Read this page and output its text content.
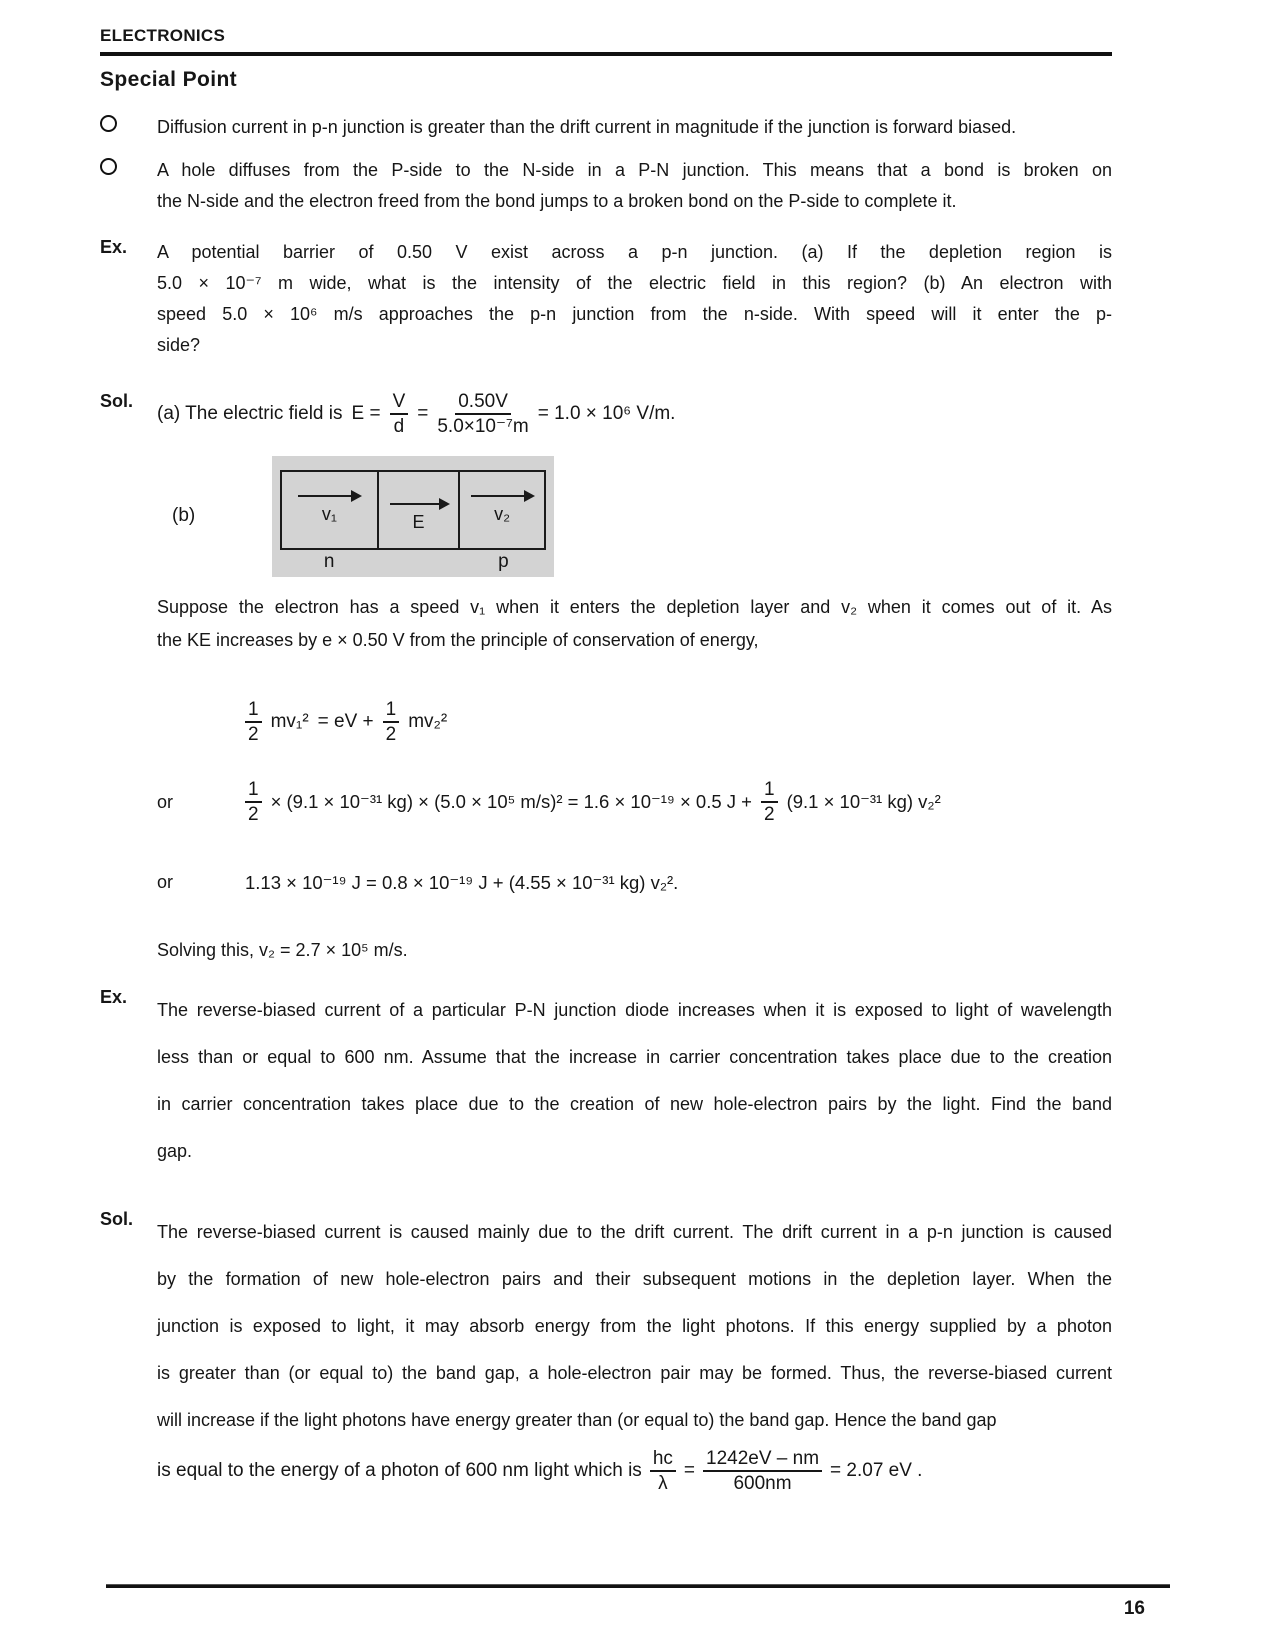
ELECTRONICS
Special Point
Diffusion current in p-n junction is greater than the drift current in magnitude if the junction is forward biased.
A hole diffuses from the P-side to the N-side in a P-N junction. This means that a bond is broken on
the N-side and the electron freed from the bond jumps to a broken bond on the P-side to complete it.
Ex.	A potential barrier of 0.50 V exist across a p-n junction. (a) If the depletion region is
5.0 × 10⁻⁷ m wide, what is the intensity of the electric field in this region? (b) An electron with
speed 5.0 × 10⁶ m/s approaches the p-n junction from the n-side. With speed will it enter the p-
side?
Sol.
(a) The electric field is $E = \frac{V}{d} = \frac{0.50V}{\text{5.0×10⁻⁷m}} = 1.0 \times 10^6$ V/m.
(b)	v₁	E	v₂
n	p
Suppose the electron has a speed v₁ when it enters the depletion layer and v₂ when it comes out of it. As
the KE increases by e × 0.50 V from the principle of conservation of energy,
$\frac{1}{2} mv_1^2$ = eV + $\frac{1}{2} mv_2^2$
or	$\frac{1}{2} \times (9.1 \times 10^{-31}$ kg) × (5.0 × 10⁵ m/s)² = 1.6 × 10⁻¹⁹ × 0.5 $J + \frac{1}{2} (9.1 \times 10^{-31}$ kg) v₂²
or	1.13 × 10⁻¹⁹ J = 0.8 × 10⁻¹⁹ J + (4.55 × 10⁻³¹ kg) v₂².
Solving this, v₂ = 2.7 × 10⁵ m/s.
Ex.
The reverse-biased current of a particular P-N junction diode increases when it is exposed to light of wavelength
less than or equal to 600 nm. Assume that the increase in carrier concentration takes place due to the creation
in carrier concentration takes place due to the creation of new hole-electron pairs by the light. Find the band
gap.
Sol.
The reverse-biased current is caused mainly due to the drift current. The drift current in a p-n junction is caused
by the formation of new hole-electron pairs and their subsequent motions in the depletion layer. When the
junction is exposed to light, it may absorb energy from the light photons. If this energy supplied by a photon
is greater than (or equal to) the band gap, a hole-electron pair may be formed. Thus, the reverse-biased current
will increase if the light photons have energy greater than (or equal to) the band gap. Hence the band gap
is equal to the energy of a photon of 600 nm light which is $\frac{hc}{\lambda} = \frac{1242eV - nm}{600nm} = 2.07$ eV .
16
